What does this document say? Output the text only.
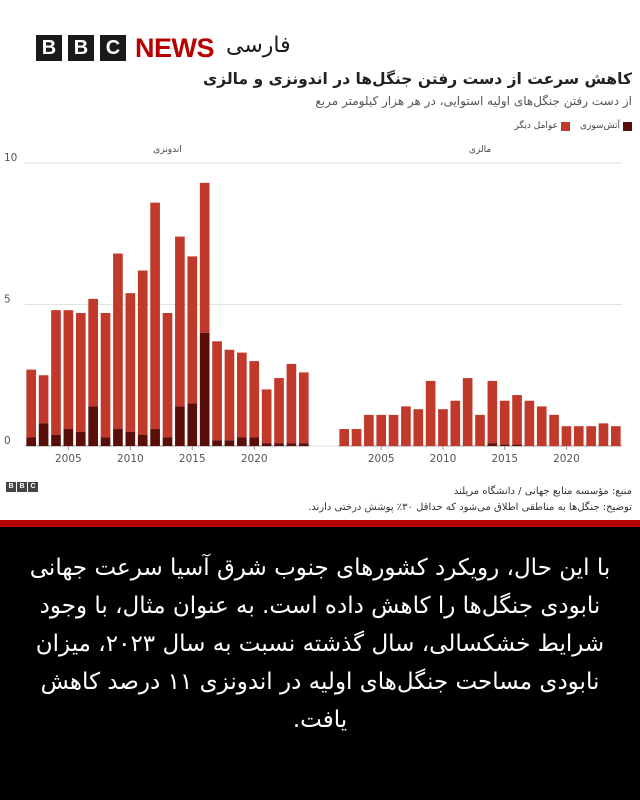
B B C NEWS فارسی
کاهش سرعت از دست رفتن جنگل‌ها در اندونزی و مالزی
از دست رفتن جنگل‌های اولیه استوایی، در هر هزار کیلومتر مربع
آتش‌سوزی
عوامل دیگر
0
5
10
اندونزی
2005	2010	2015	2020
مالزی
2005	2010	2015	2020
B B C	منبع: مؤسسه منابع جهانی / دانشگاه مریلند
توضیح: جنگل‌ها به مناطقی اطلاق می‌شود که حداقل ۳۰٪ پوشش درختی دارند.
با این حال، رویکرد کشورهای جنوب شرق آسیا سرعت جهانی نابودی جنگل‌ها را کاهش داده است. به عنوان مثال، با وجود شرایط خشکسالی، سال گذشته نسبت به سال ۲۰۲۳، میزان نابودی مساحت جنگل‌های اولیه در اندونزی ۱۱ درصد کاهش یافت.
